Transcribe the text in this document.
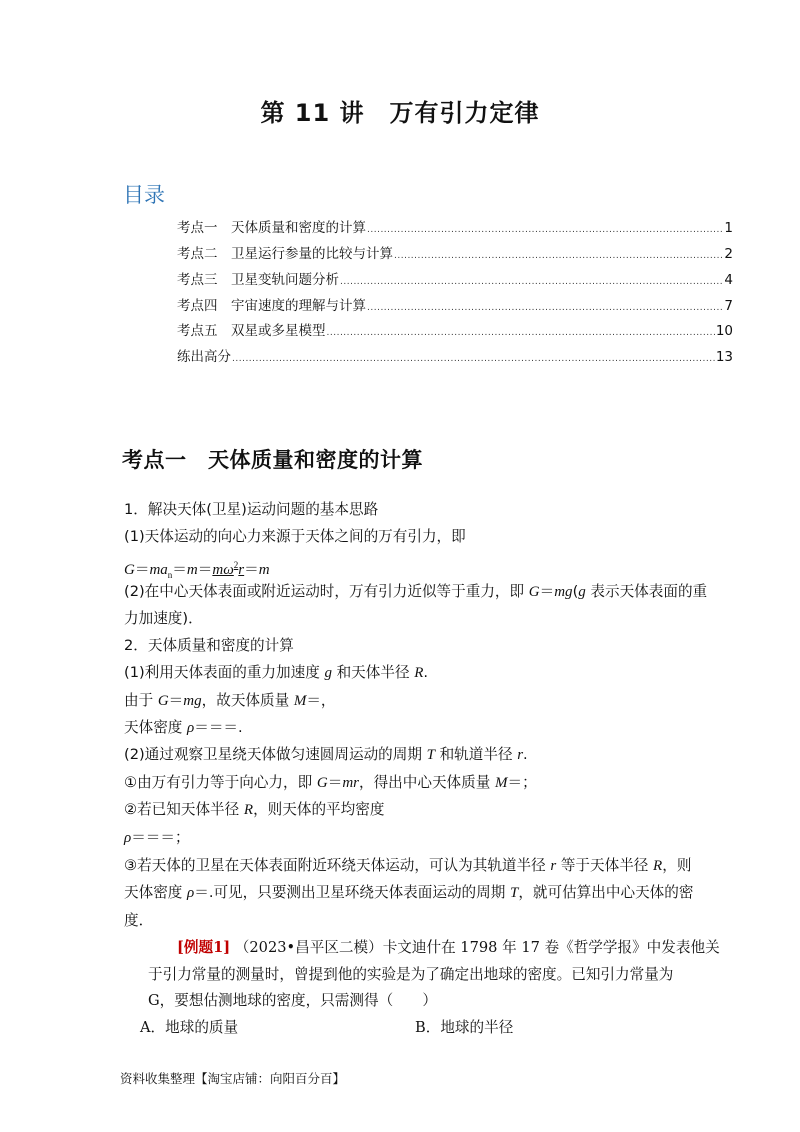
第 11 讲　万有引力定律
目录
考点一　天体质量和密度的计算 .....	1
考点二　卫星运行参量的比较与计算 .....	2
考点三　卫星变轨问题分析 .....	4
考点四　宇宙速度的理解与计算 .....	7
考点五　双星或多星模型 .....	10
练出高分 .....	13
考点一　天体质量和密度的计算
1．解决天体(卫星)运动问题的基本思路
(1)天体运动的向心力来源于天体之间的万有引力，即
$G=ma_n=m=m\omega^2r=m$
(2)在中心天体表面或附近运动时，万有引力近似等于重力，即 G＝mg(g 表示天体表面的重
力加速度)．
2．天体质量和密度的计算
(1)利用天体表面的重力加速度 g 和天体半径 R.
由于 G＝mg，故天体质量 M＝，
天体密度 ρ＝＝＝.
(2)通过观察卫星绕天体做匀速圆周运动的周期 T 和轨道半径 r.
①由万有引力等于向心力，即 G＝mr，得出中心天体质量 M＝；
②若已知天体半径 R，则天体的平均密度
ρ＝＝＝；
③若天体的卫星在天体表面附近环绕天体运动，可认为其轨道半径 r 等于天体半径 R，则
天体密度 ρ＝.可见，只要测出卫星环绕天体表面运动的周期 T，就可估算出中心天体的密
度．
[例题1] （2023•昌平区二模）卡文迪什在 1798 年 17 卷《哲学学报》中发表他关
于引力常量的测量时，曾提到他的实验是为了确定出地球的密度。已知引力常量为
G，要想估测地球的密度，只需测得（　　）
A．地球的质量	B．地球的半径
资料收集整理【淘宝店铺：向阳百分百】
